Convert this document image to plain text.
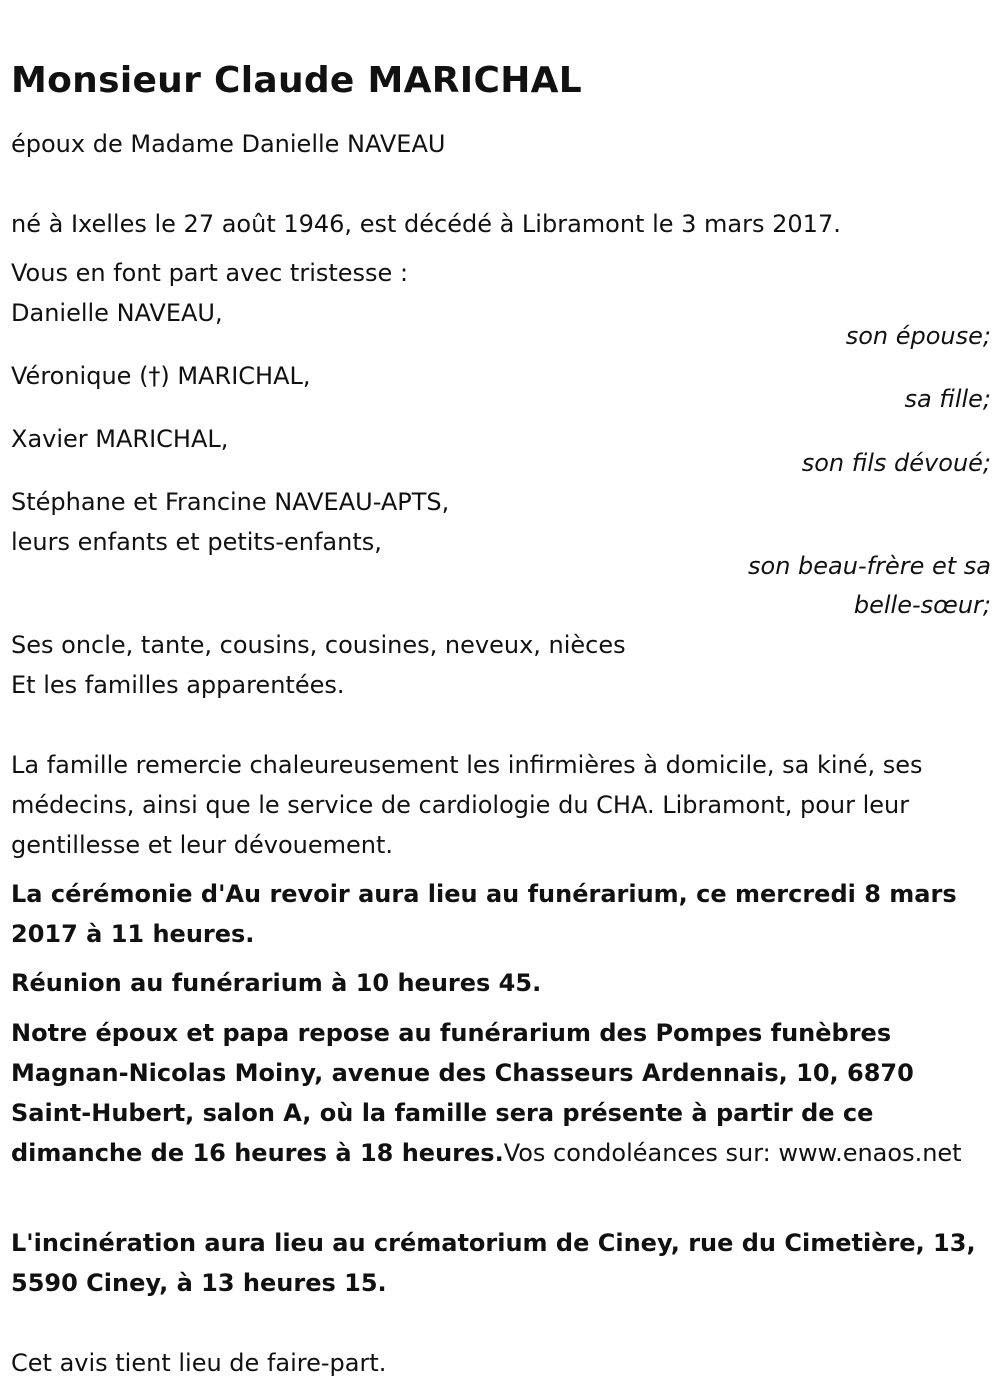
Monsieur Claude MARICHAL
époux de Madame Danielle NAVEAU
né à Ixelles le 27 août 1946, est décédé à Libramont le 3 mars 2017.
Vous en font part avec tristesse :
Danielle NAVEAU,
son épouse;
Véronique (†) MARICHAL,
sa fille;
Xavier MARICHAL,
son fils dévoué;
Stéphane et Francine NAVEAU-APTS,
leurs enfants et petits-enfants,
son beau-frère et sa
belle-sœur;
Ses oncle, tante, cousins, cousines, neveux, nièces
Et les familles apparentées.

La famille remercie chaleureusement les infirmières à domicile, sa kiné, ses médecins, ainsi que le service de cardiologie du CHA. Libramont, pour leur gentillesse et leur dévouement.

La cérémonie d'Au revoir aura lieu au funérarium, ce mercredi 8 mars 2017 à 11 heures.

Réunion au funérarium à 10 heures 45.

Notre époux et papa repose au funérarium des Pompes funèbres Magnan-Nicolas Moiny, avenue des Chasseurs Ardennais, 10, 6870 Saint-Hubert, salon A, où la famille sera présente à partir de ce dimanche de 16 heures à 18 heures.Vos condoléances sur: www.enaos.net

L'incinération aura lieu au crématorium de Ciney, rue du Cimetière, 13, 5590 Ciney, à 13 heures 15.

Cet avis tient lieu de faire-part.
